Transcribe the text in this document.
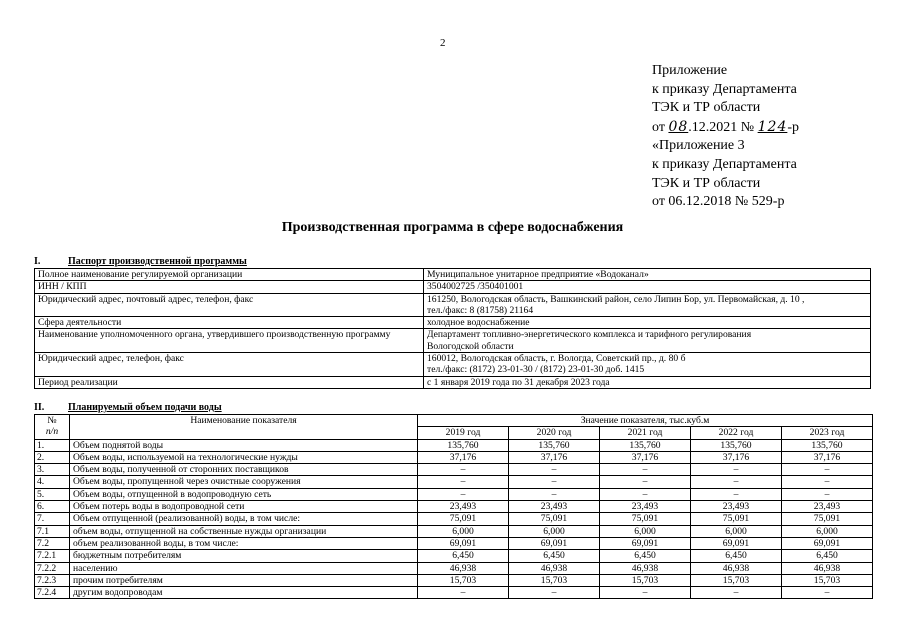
2
Приложение
к приказу Департамента
ТЭК и ТР области
от 08.12.2021 № 124-р
«Приложение 3
к приказу Департамента
ТЭК и ТР области
от 06.12.2018 № 529-р
Производственная программа в сфере водоснабжения
I.	Паспорт производственной программы
Полное наименование регулируемой организации	Муниципальное унитарное предприятие «Водоканал»

ИНН / КПП	3504002725 /350401001

Юридический адрес, почтовый адрес, телефон, факс	161250, Вологодская область, Вашкинский район, село Липин Бор, ул. Первомайская, д. 10 ,
тел./факс: 8 (81758) 21164

Сфера деятельности	холодное водоснабжение

Наименование уполномоченного органа, утвердившего производственную программу	Департамент топливно-энергетического комплекса и тарифного регулирования
Вологодской области

Юридический адрес, телефон, факс	160012, Вологодская область, г. Вологда, Советский пр., д. 80 б
тел./факс: (8172) 23-01-30 / (8172) 23-01-30 доб. 1415

Период реализации	с 1 января 2019 года по 31 декабря 2023 года
II. Планируемый объем подачи воды
№
п/п	Наименование показателя	Значение показателя, тыс.куб.м				
		2019 год	2020 год	2021 год	2022 год	2023 год
1.	Объем поднятой воды	135,760	135,760	135,760	135,760	135,760
2.	Объем воды, используемой на технологические нужды	37,176	37,176	37,176	37,176	37,176
3.	Объем воды, полученной от сторонних поставщиков	–	–	–	–	–
4.	Объем воды, пропущенной через очистные сооружения	–	–	–	–	–
5.	Объем воды, отпущенной в водопроводную сеть	–	–	–	–	–
6.	Объем потерь воды в водопроводной сети	23,493	23,493	23,493	23,493	23,493
7.	Объем отпущенной (реализованной) воды, в том числе:	75,091	75,091	75,091	75,091	75,091
7.1	объем воды, отпущенной на собственные нужды организации	6,000	6,000	6,000	6,000	6,000
7.2	объем реализованной воды, в том числе:	69,091	69,091	69,091	69,091	69,091
7.2.1	бюджетным потребителям	6,450	6,450	6,450	6,450	6,450
7.2.2	населению	46,938	46,938	46,938	46,938	46,938
7.2.3	прочим потребителям	15,703	15,703	15,703	15,703	15,703
7.2.4	другим водопроводам	–	–	–	–	–
